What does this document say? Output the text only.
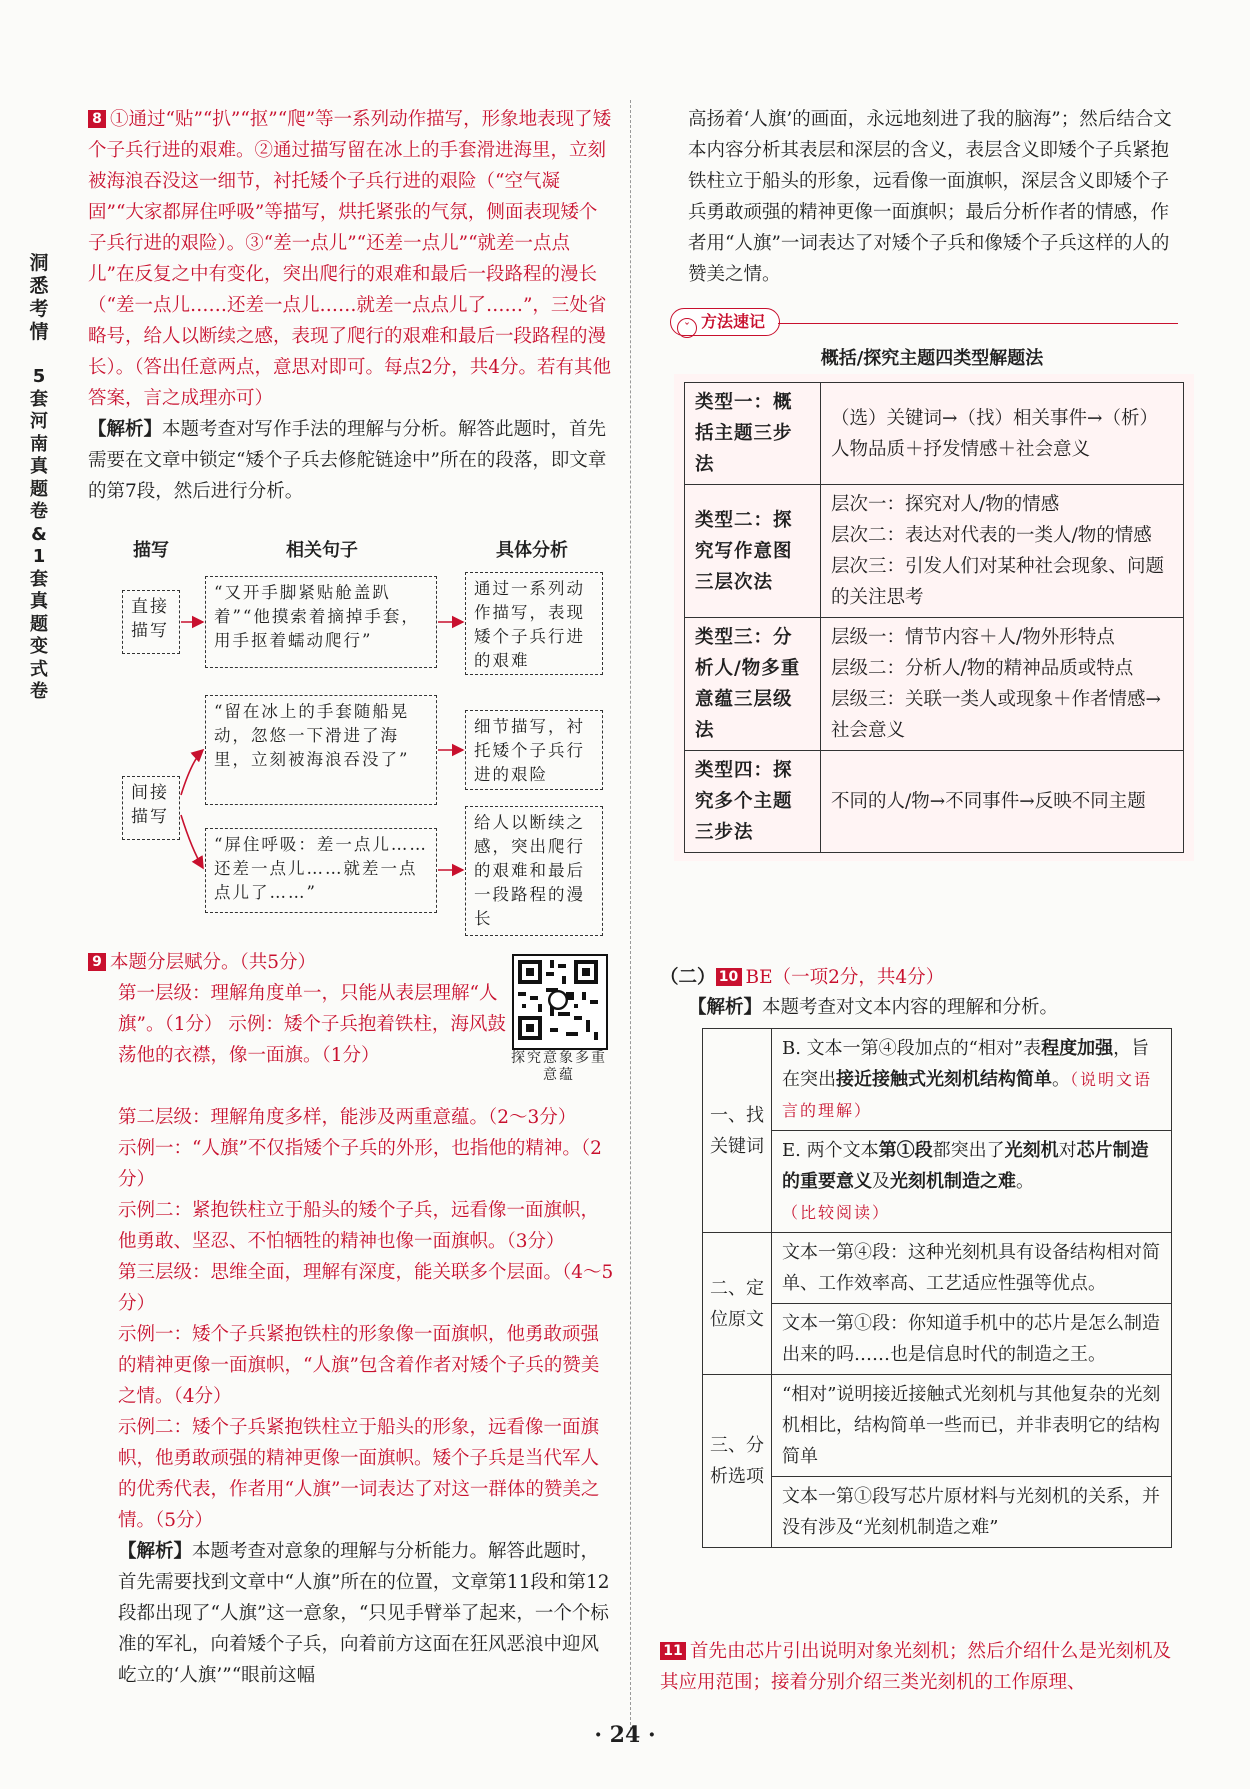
洞悉考情
5套河南真题卷&1套真题变式卷
8 ①通过“贴”“扒”“抠”“爬”等一系列动作描写，形象地表现了矮个子兵行进的艰难。②通过描写留在冰上的手套滑进海里，立刻被海浪吞没这一细节，衬托矮个子兵行进的艰险（“空气凝固”“大家都屏住呼吸”等描写，烘托紧张的气氛，侧面表现矮个子兵行进的艰险）。③“差一点儿”“还差一点儿”“就差一点点儿”在反复之中有变化，突出爬行的艰难和最后一段路程的漫长（“差一点儿……还差一点儿……就差一点点儿了……”，三处省略号，给人以断续之感，表现了爬行的艰难和最后一段路程的漫长）。（答出任意两点，意思对即可。每点2分，共4分。若有其他答案，言之成理亦可）
【解析】本题考查对写作手法的理解与分析。解答此题时，首先需要在文章中锁定“矮个子兵去修舵链途中”所在的段落，即文章的第7段，然后进行分析。
描写	相关句子	具体分析
直接描写
间接描写
“又开手脚紧贴舱盖趴着”“他摸索着摘掉手套，用手抠着蠕动爬行”
“留在冰上的手套随船晃动，忽悠一下滑进了海里，立刻被海浪吞没了”
“屏住呼吸：差一点儿……还差一点儿……就差一点点儿了……”
通过一系列动作描写，表现矮个子兵行进的艰难
细节描写，衬托矮个子兵行进的艰险
给人以断续之感，突出爬行的艰难和最后一段路程的漫长
9 本题分层赋分。（共5分）
第一层级：理解角度单一，只能从表层理解“人旗”。（1分） 示例：矮个子兵抱着铁柱，海风鼓荡他的衣襟，像一面旗。（1分）	探究意象多重意蕴
第二层级：理解角度多样，能涉及两重意蕴。（2～3分）
示例一：“人旗”不仅指矮个子兵的外形，也指他的精神。（2分）
示例二：紧抱铁柱立于船头的矮个子兵，远看像一面旗帜，他勇敢、坚忍、不怕牺牲的精神也像一面旗帜。（3分）
第三层级：思维全面，理解有深度，能关联多个层面。（4～5分）
示例一：矮个子兵紧抱铁柱的形象像一面旗帜，他勇敢顽强的精神更像一面旗帜，“人旗”包含着作者对矮个子兵的赞美之情。（4分）
示例二：矮个子兵紧抱铁柱立于船头的形象，远看像一面旗帜，他勇敢顽强的精神更像一面旗帜。矮个子兵是当代军人的优秀代表，作者用“人旗”一词表达了对这一群体的赞美之情。（5分）
【解析】本题考查对意象的理解与分析能力。解答此题时，首先需要找到文章中“人旗”所在的位置，文章第11段和第12段都出现了“人旗”这一意象，“只见手臂举了起来，一个个标准的军礼，向着矮个子兵，向着前方这面在狂风恶浪中迎风屹立的‘人旗’”“眼前这幅
高扬着‘人旗’的画面，永远地刻进了我的脑海”；然后结合文本内容分析其表层和深层的含义，表层含义即矮个子兵紧抱铁柱立于船头的形象，远看像一面旗帜，深层含义即矮个子兵勇敢顽强的精神更像一面旗帜；最后分析作者的情感，作者用“人旗”一词表达了对矮个子兵和像矮个子兵这样的人的赞美之情。
ˇ 方法速记
概括/探究主题四类型解题法
类型一：概括主题三步法	（选）关键词→（找）相关事件→（析）人物品质＋抒发情感＋社会意义
类型二：探究写作意图三层次法	层次一：探究对人/物的情感
层次二：表达对代表的一类人/物的情感
层次三：引发人们对某种社会现象、问题的关注思考
类型三：分析人/物多重意蕴三层级法	层级一：情节内容＋人/物外形特点
层级二：分析人/物的精神品质或特点
层级三：关联一类人或现象＋作者情感→社会意义
类型四：探究多个主题三步法	不同的人/物→不同事件→反映不同主题
（二） 10 BE（一项2分，共4分）
【解析】本题考查对文本内容的理解和分析。
一、找关键词	B. 文本一第④段加点的“相对”表程度加强，旨在突出接近接触式光刻机结构简单。（说明文语言的理解）
	E. 两个文本第①段都突出了光刻机对芯片制造的重要意义及光刻机制造之难。
（比较阅读）
二、定位原文	文本一第④段：这种光刻机具有设备结构相对简单、工作效率高、工艺适应性强等优点。
	文本一第①段：你知道手机中的芯片是怎么制造出来的吗……也是信息时代的制造之王。
三、分析选项	“相对”说明接近接触式光刻机与其他复杂的光刻机相比，结构简单一些而已，并非表明它的结构简单
	文本一第①段写芯片原材料与光刻机的关系，并没有涉及“光刻机制造之难”
11 首先由芯片引出说明对象光刻机；然后介绍什么是光刻机及其应用范围；接着分别介绍三类光刻机的工作原理、
· 24 ·
